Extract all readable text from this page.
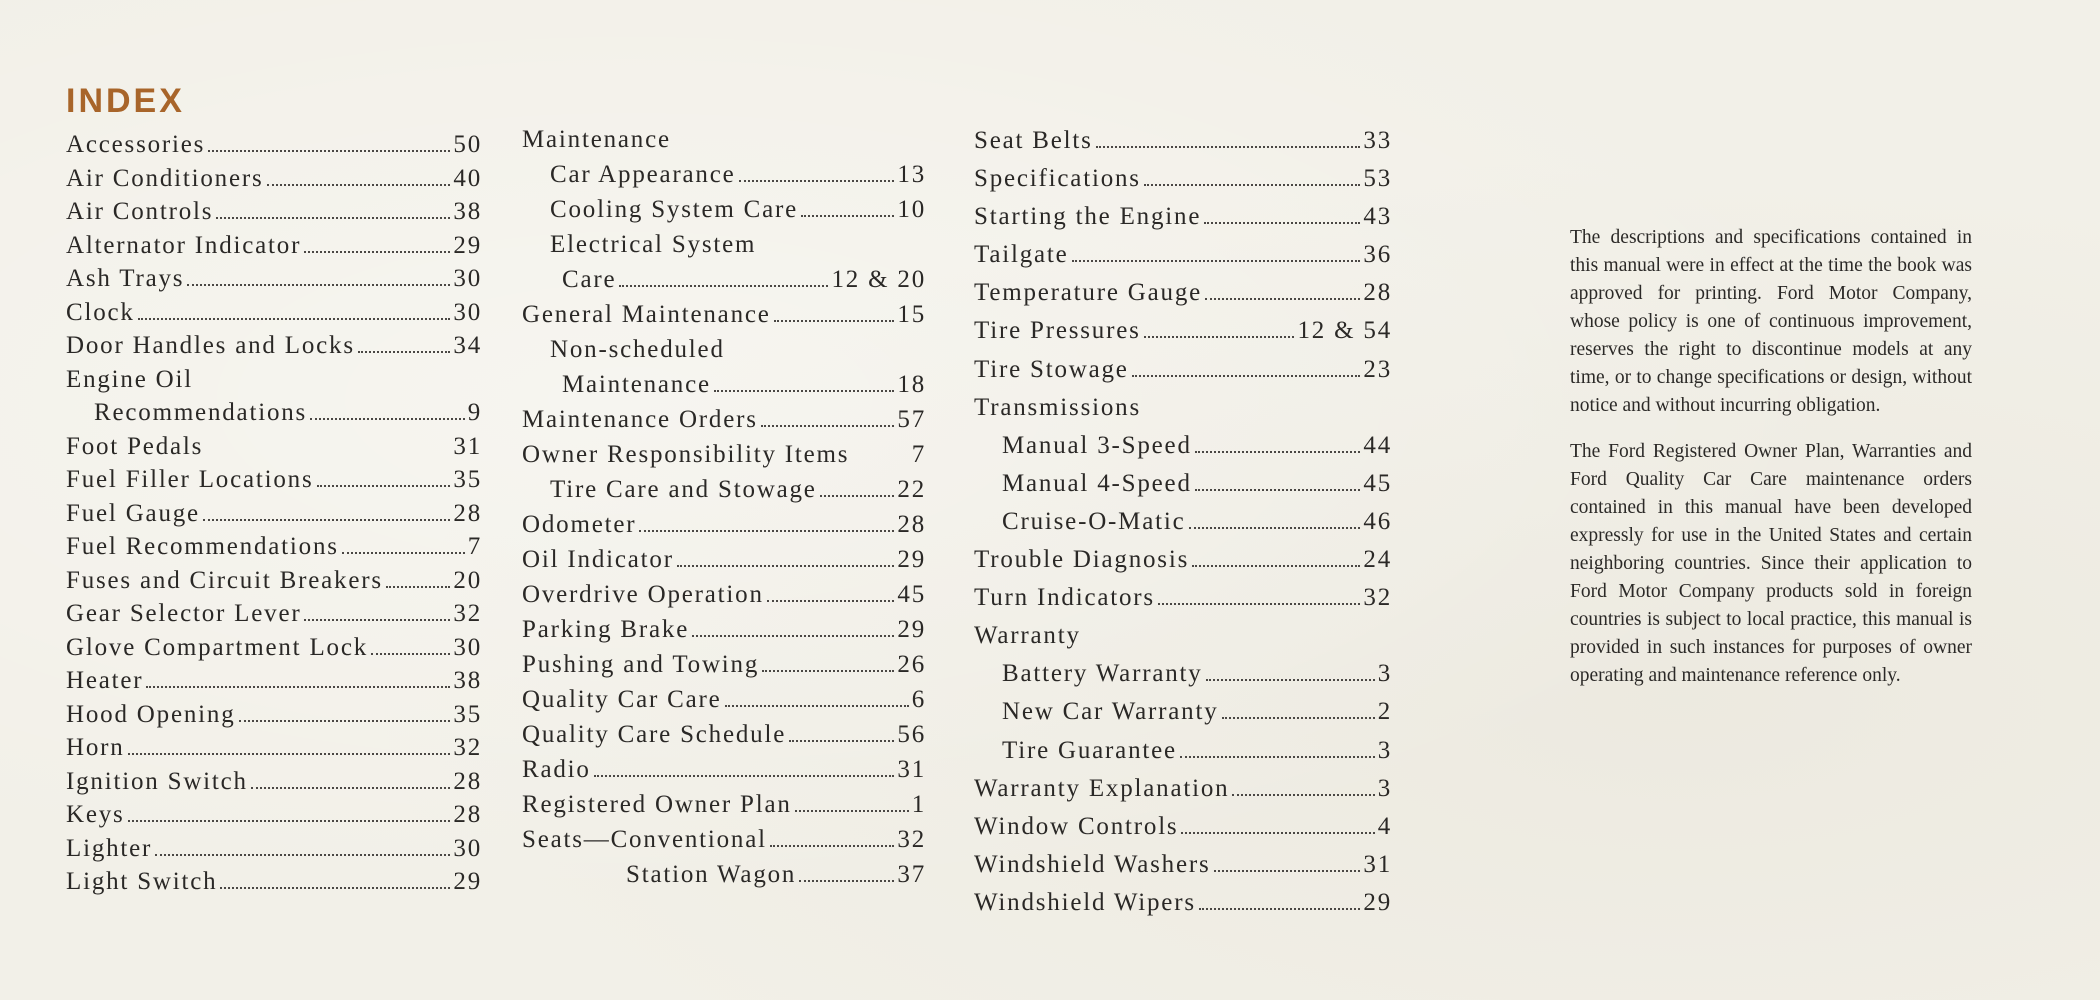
INDEX
Accessories	50
Air Conditioners	40
Air Controls	38
Alternator Indicator	29
Ash Trays	30
Clock	30
Door Handles and Locks	34
Engine Oil
Recommendations	9
Foot Pedals	31
Fuel Filler Locations	35
Fuel Gauge	28
Fuel Recommendations	7
Fuses and Circuit Breakers	20
Gear Selector Lever	32
Glove Compartment Lock	30
Heater	38
Hood Opening	35
Horn	32
Ignition Switch	28
Keys	28
Lighter	30
Light Switch	29
Maintenance
Car Appearance	13
Cooling System Care	10
Electrical System
Care	12 & 20
General Maintenance	15
Non-scheduled
Maintenance	18
Maintenance Orders	57
Owner Responsibility Items 7
Tire Care and Stowage	22
Odometer	28
Oil Indicator	29
Overdrive Operation	45
Parking Brake	29
Pushing and Towing	26
Quality Car Care	6
Quality Care Schedule	56
Radio	31
Registered Owner Plan	1
Seats—Conventional	32
Station Wagon	37
Seat Belts	33
Specifications	53
Starting the Engine	43
Tailgate	36
Temperature Gauge	28
Tire Pressures	12 & 54
Tire Stowage	23
Transmissions
Manual 3-Speed	44
Manual 4-Speed	45
Cruise-O-Matic	46
Trouble Diagnosis	24
Turn Indicators	32
Warranty
Battery Warranty	3
New Car Warranty	2
Tire Guarantee	3
Warranty Explanation	3
Window Controls	4
Windshield Washers	31
Windshield Wipers	29

The descriptions and specifications contained in this manual were in effect at the time the book was approved for printing. Ford Motor Company, whose policy is one of continuous improvement, reserves the right to discontinue models at any time, or to change specifications or design, without notice and without incurring obligation.

The Ford Registered Owner Plan, Warranties and Ford Quality Car Care maintenance orders contained in this manual have been developed expressly for use in the United States and certain neighboring countries. Since their application to Ford Motor Company products sold in foreign countries is subject to local practice, this manual is provided in such instances for purposes of owner operating and maintenance reference only.
